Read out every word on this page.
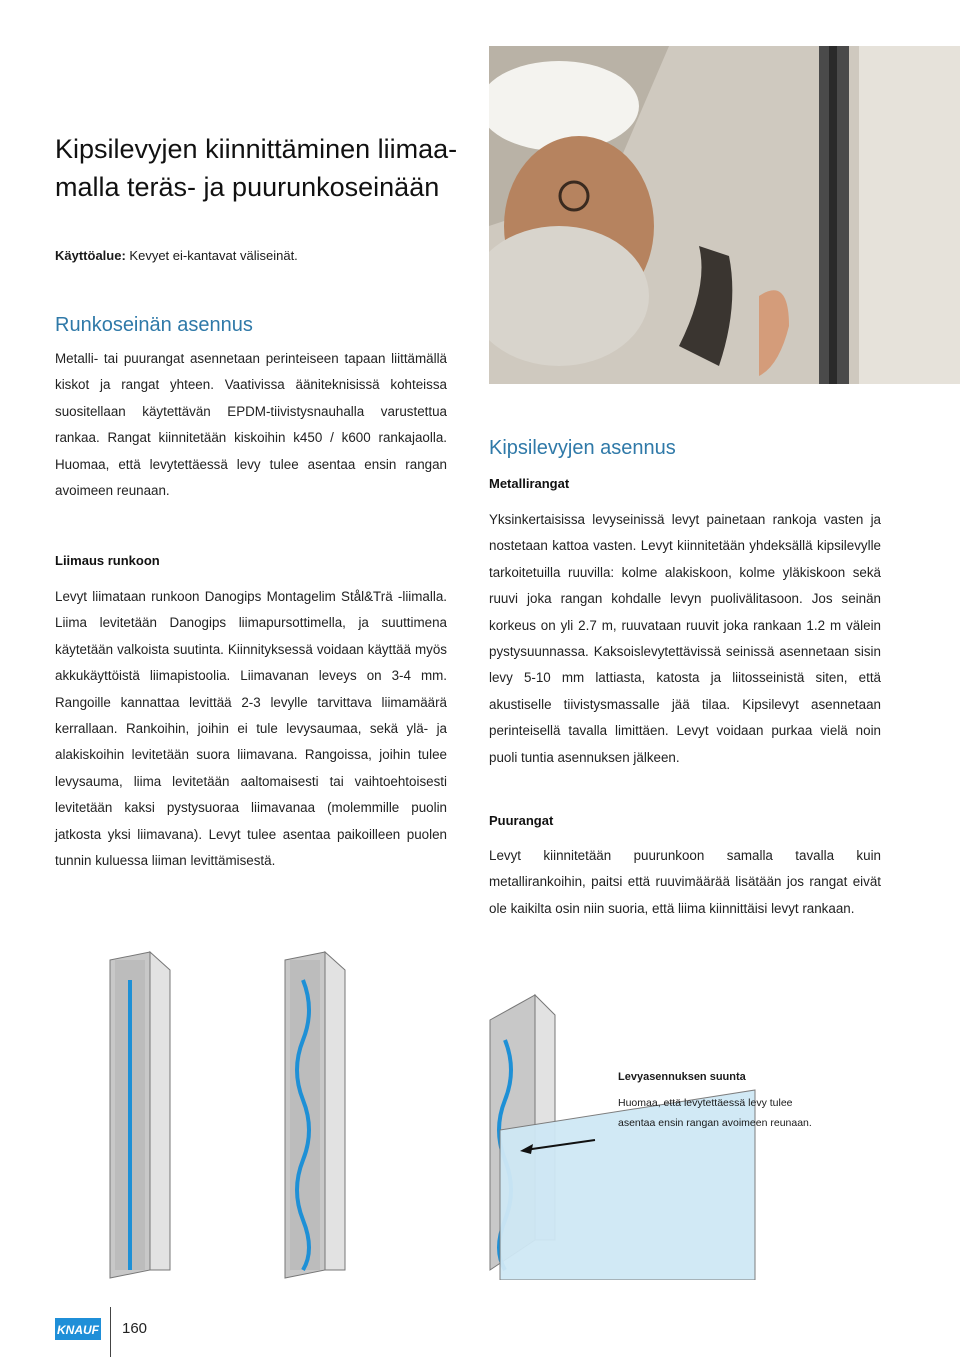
Kipsilevyjen kiinnittäminen liimaa-
malla teräs- ja puurunkoseinään
Käyttöalue: Kevyet ei-kantavat väliseinät.
Runkoseinän asennus
Metalli- tai puurangat asennetaan perinteiseen tapaan liittämällä kiskot ja rangat yhteen. Vaativissa ääniteknisissä kohteissa suositellaan käytettävän EPDM-tiivistysnauhalla varustettua rankaa. Rangat kiinnitetään kiskoihin k450 / k600 rankajaolla. Huomaa, että levytettäessä levy tulee asentaa ensin rangan avoimeen reunaan.
Liimaus runkoon
Levyt liimataan runkoon Danogips Montagelim Stål&Trä -liimalla. Liima levitetään Danogips liimapursottimella, ja suuttimena käytetään valkoista suutinta. Kiinnityksessä voidaan käyttää myös akkukäyttöistä liimapistoolia. Liimavanan leveys on 3-4 mm. Rangoille kannattaa levittää 2-3 levylle tarvittava liimamäärä kerrallaan. Rankoihin, joihin ei tule levysaumaa, sekä ylä- ja alakiskoihin levitetään suora liimavana. Rangoissa, joihin tulee levysauma, liima levitetään aaltomaisesti tai vaihtoehtoisesti levitetään kaksi pystysuoraa liimavanaa (molemmille puolin jatkosta yksi liimavana). Levyt tulee asentaa paikoilleen puolen tunnin kuluessa liiman levittämisestä.
Kipsilevyjen asennus
Metallirangat
Yksinkertaisissa levyseinissä levyt painetaan rankoja vasten ja nostetaan kattoa vasten. Levyt kiinnitetään yhdeksällä kipsilevylle tarkoitetuilla ruuvilla: kolme alakiskoon, kolme yläkiskoon sekä ruuvi joka rangan kohdalle levyn puolivälitasoon. Jos seinän korkeus on yli 2.7 m, ruuvataan ruuvit joka rankaan 1.2 m välein pystysuunnassa. Kaksoislevytettävissä seinissä asennetaan sisin levy 5-10 mm lattiasta, katosta ja liitosseinistä siten, että akustiselle tiivistysmassalle jää tilaa. Kipsilevyt asennetaan perinteisellä tavalla limittäen. Levyt voidaan purkaa vielä noin puoli tuntia asennuksen jälkeen.
Puurangat
Levyt kiinnitetään puurunkoon samalla tavalla kuin metallirankoihin, paitsi että ruuvimäärää lisätään jos rangat eivät ole kaikilta osin niin suoria, että liima kiinnittäisi levyt rankaan.
Levyasennuksen suunta
Huomaa, että levytettäessä levy tulee
asentaa ensin rangan avoimeen reunaan.
KNAUF 160
